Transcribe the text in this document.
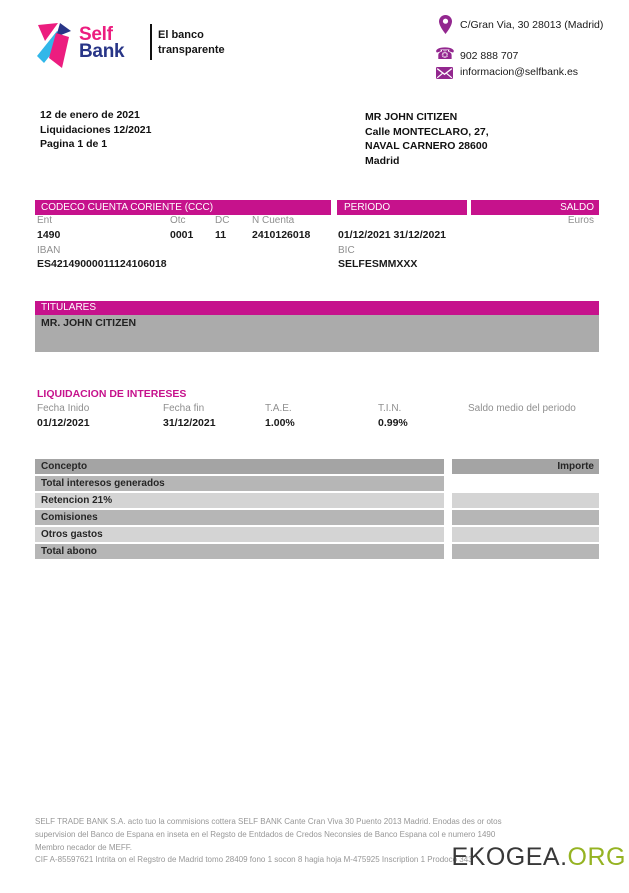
Self
Bank
El banco
transparente
C/Gran Via, 30 28013 (Madrid)
☎ 902 888 707
informacion@selfbank.es
12 de enero de 2021
Liquidaciones 12/2021
Pagina 1 de 1
MR JOHN CITIZEN
Calle MONTECLARO, 27,
NAVAL CARNERO 28600
Madrid
CODECO CUENTA CORIENTE (CCC)	PERIODO	SALDO
Ent	Otc	DC N Cuenta	Euros
1490	0001 11 2410126018	01/12/2021 31/12/2021
IBAN
ES42149000011124106018
BIC
SELFESMMXXX
TITULARES
MR. JOHN CITIZEN
LIQUIDACION DE INTERESES
Fecha Inido	Fecha fin	T.A.E.	T.I.N.	Saldo medio del periodo
01/12/2021	31/12/2021	1.00%	0.99%
Concepto	Importe
Total interesos generados
Retencion 21%
Comisiones
Otros gastos
Total abono
SELF TRADE BANK S.A. acto tuo la commisions cottera SELF BANK Cante Cran Viva 30 Puento 2013 Madrid. Enodas des or otos
supervision del Banco de Espana en inseta en el Regsto de Entdados de Credos Neconsies de Banco Espana col e numero 1490
Membro necador de MEFF.
CIF A-85597621 Intrita on el Regstro de Madrid tomo 28409 fono 1 socon 8 hagia hoja M-475925 Inscription 1 Prodoco 343
EKOGEA.ORG
